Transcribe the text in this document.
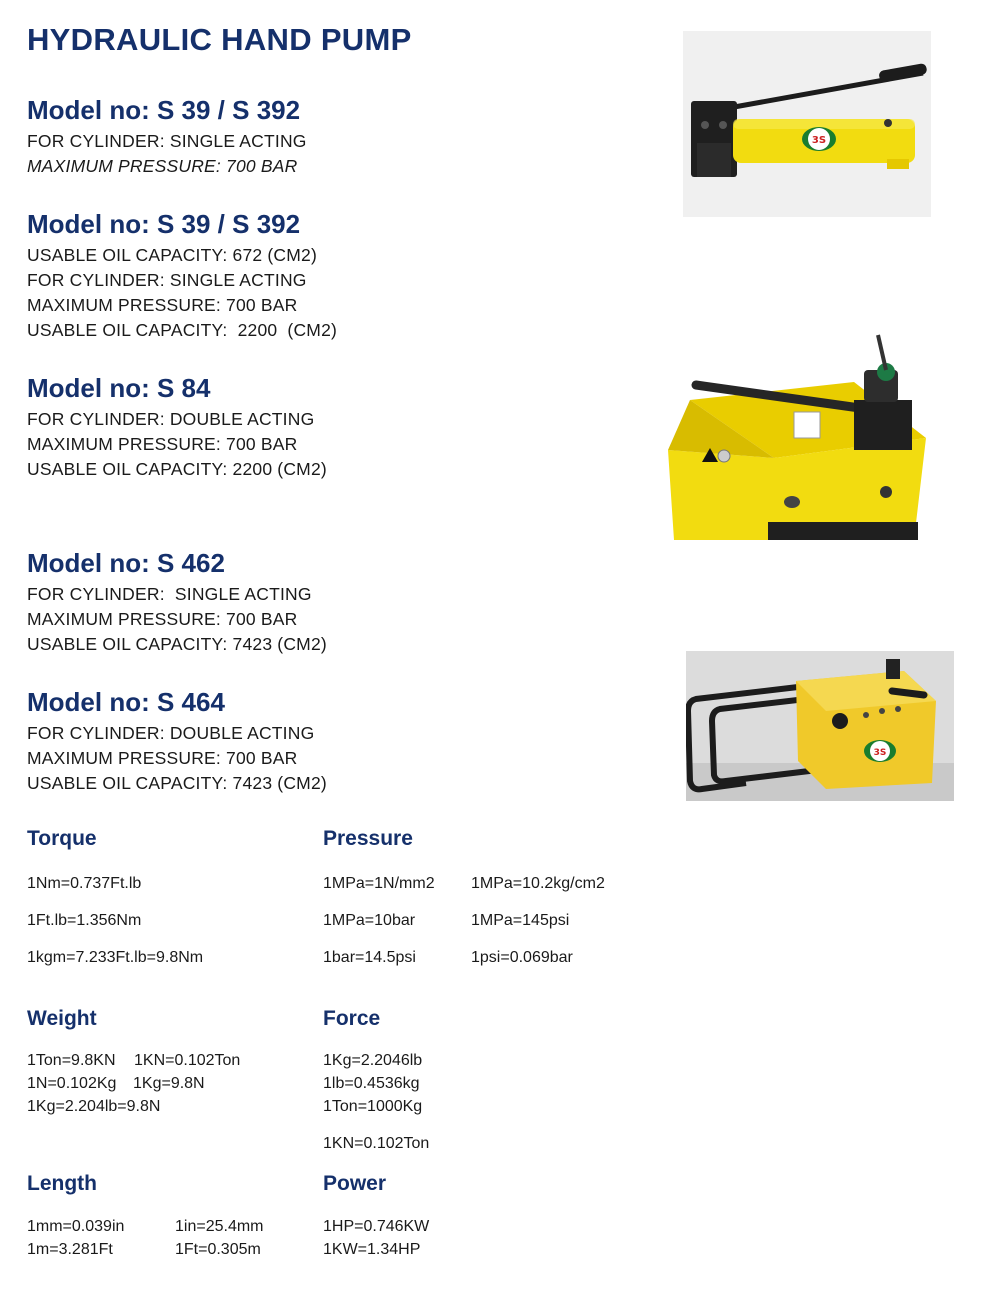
HYDRAULIC HAND PUMP
Model no: S 39 / S 392
FOR CYLINDER: SINGLE ACTING
MAXIMUM PRESSURE: 700 BAR
Model no: S 39 / S 392
USABLE OIL CAPACITY: 672 (CM2)
FOR CYLINDER: SINGLE ACTING
MAXIMUM PRESSURE: 700 BAR
USABLE OIL CAPACITY:  2200  (CM2)
Model no: S 84
FOR CYLINDER: DOUBLE ACTING
MAXIMUM PRESSURE: 700 BAR
USABLE OIL CAPACITY: 2200 (CM2)
Model no: S 462
FOR CYLINDER:  SINGLE ACTING
MAXIMUM PRESSURE: 700 BAR
USABLE OIL CAPACITY: 7423 (CM2)
Model no: S 464
FOR CYLINDER: DOUBLE ACTING
MAXIMUM PRESSURE: 700 BAR
USABLE OIL CAPACITY: 7423 (CM2)
3S
3S
Torque
1Nm=0.737Ft.lb
1Ft.lb=1.356Nm
1kgm=7.233Ft.lb=9.8Nm
Pressure
1MPa=1N/mm2 1MPa=10.2kg/cm2
1MPa=10bar	1MPa=145psi
1bar=14.5psi	1psi=0.069bar
Weight
1Ton=9.8KN 1KN=0.102Ton
1N=0.102Kg 1Kg=9.8N
1Kg=2.204lb=9.8N
Force
1Kg=2.2046lb
1lb=0.4536kg
1Ton=1000Kg
1KN=0.102Ton
Length
1mm=0.039in	1in=25.4mm
1m=3.281Ft	1Ft=0.305m
Power
1HP=0.746KW
1KW=1.34HP
